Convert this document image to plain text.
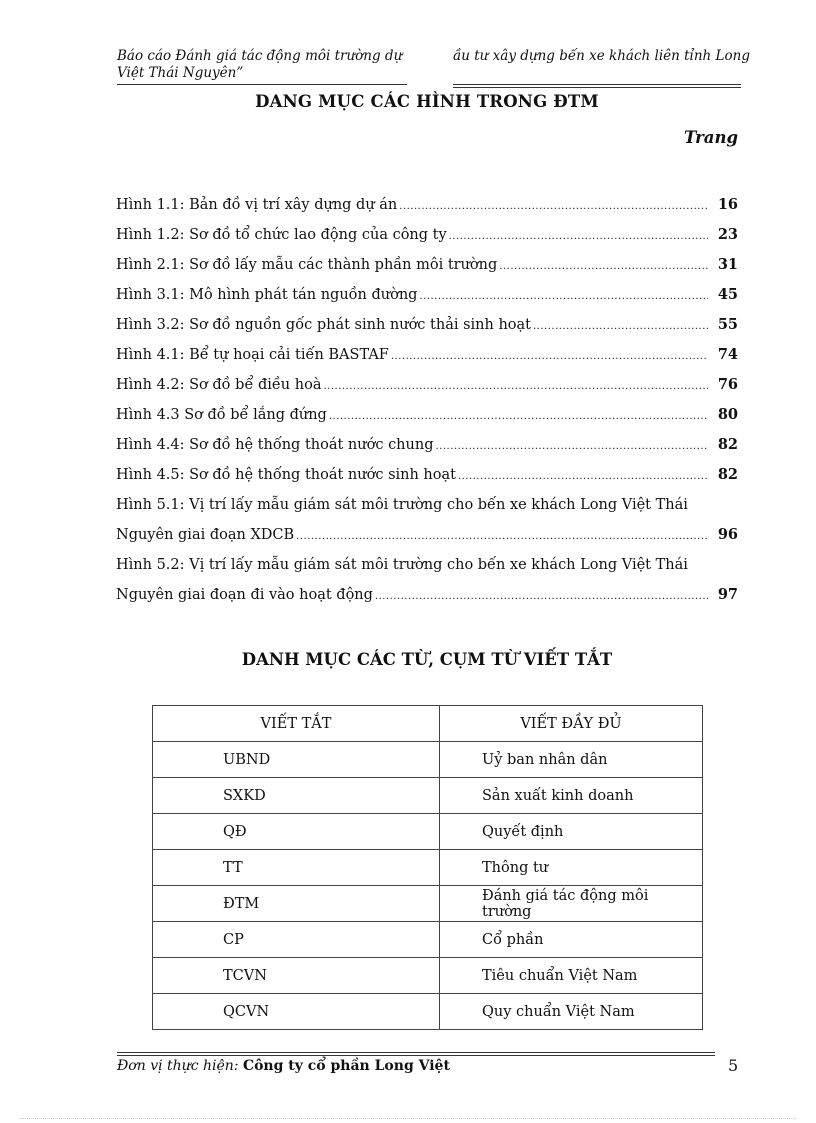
Báo cáo Đánh giá tác động môi trường dự
Việt Thái Nguyên”
ầu tư xây dựng bến xe khách liên tỉnh Long
DANG MỤC CÁC HÌNH TRONG ĐTM
Trang
Hình 1.1: Bản đồ vị trí xây dựng dự án .....	16
Hình 1.2: Sơ đồ tổ chức lao động của công ty .....	23
Hình 2.1: Sơ đồ lấy mẫu các thành phần môi trường .....	31
Hình 3.1: Mô hình phát tán nguồn đường .....	45
Hình 3.2: Sơ đồ nguồn gốc phát sinh nước thải sinh hoạt .....	55
Hình 4.1: Bể tự hoại cải tiến BASTAF .....	74
Hình 4.2: Sơ đồ bể điều hoà .....	76
Hình 4.3 Sơ đồ bể lắng đứng .....	80
Hình 4.4: Sơ đồ hệ thống thoát nước chung .....	82
Hình 4.5: Sơ đồ hệ thống thoát nước sinh hoạt .....	82
Hình 5.1: Vị trí lấy mẫu giám sát môi trường cho bến xe khách Long Việt Thái
Nguyên giai đoạn XDCB .....	96
Hình 5.2: Vị trí lấy mẫu giám sát môi trường cho bến xe khách Long Việt Thái
Nguyên giai đoạn đi vào hoạt động .....	97
DANH MỤC CÁC TỪ, CỤM TỪ VIẾT TẮT
VIẾT TẮT	VIẾT ĐẦY ĐỦ
UBND	Uỷ ban nhân dân
SXKD	Sản xuất kinh doanh
QĐ	Quyết định
TT	Thông tư
ĐTM	Đánh giá tác động môi trường
CP	Cổ phần
TCVN	Tiêu chuẩn Việt Nam
QCVN	Quy chuẩn Việt Nam
Đơn vị thực hiện: Công ty cổ phần Long Việt	5
